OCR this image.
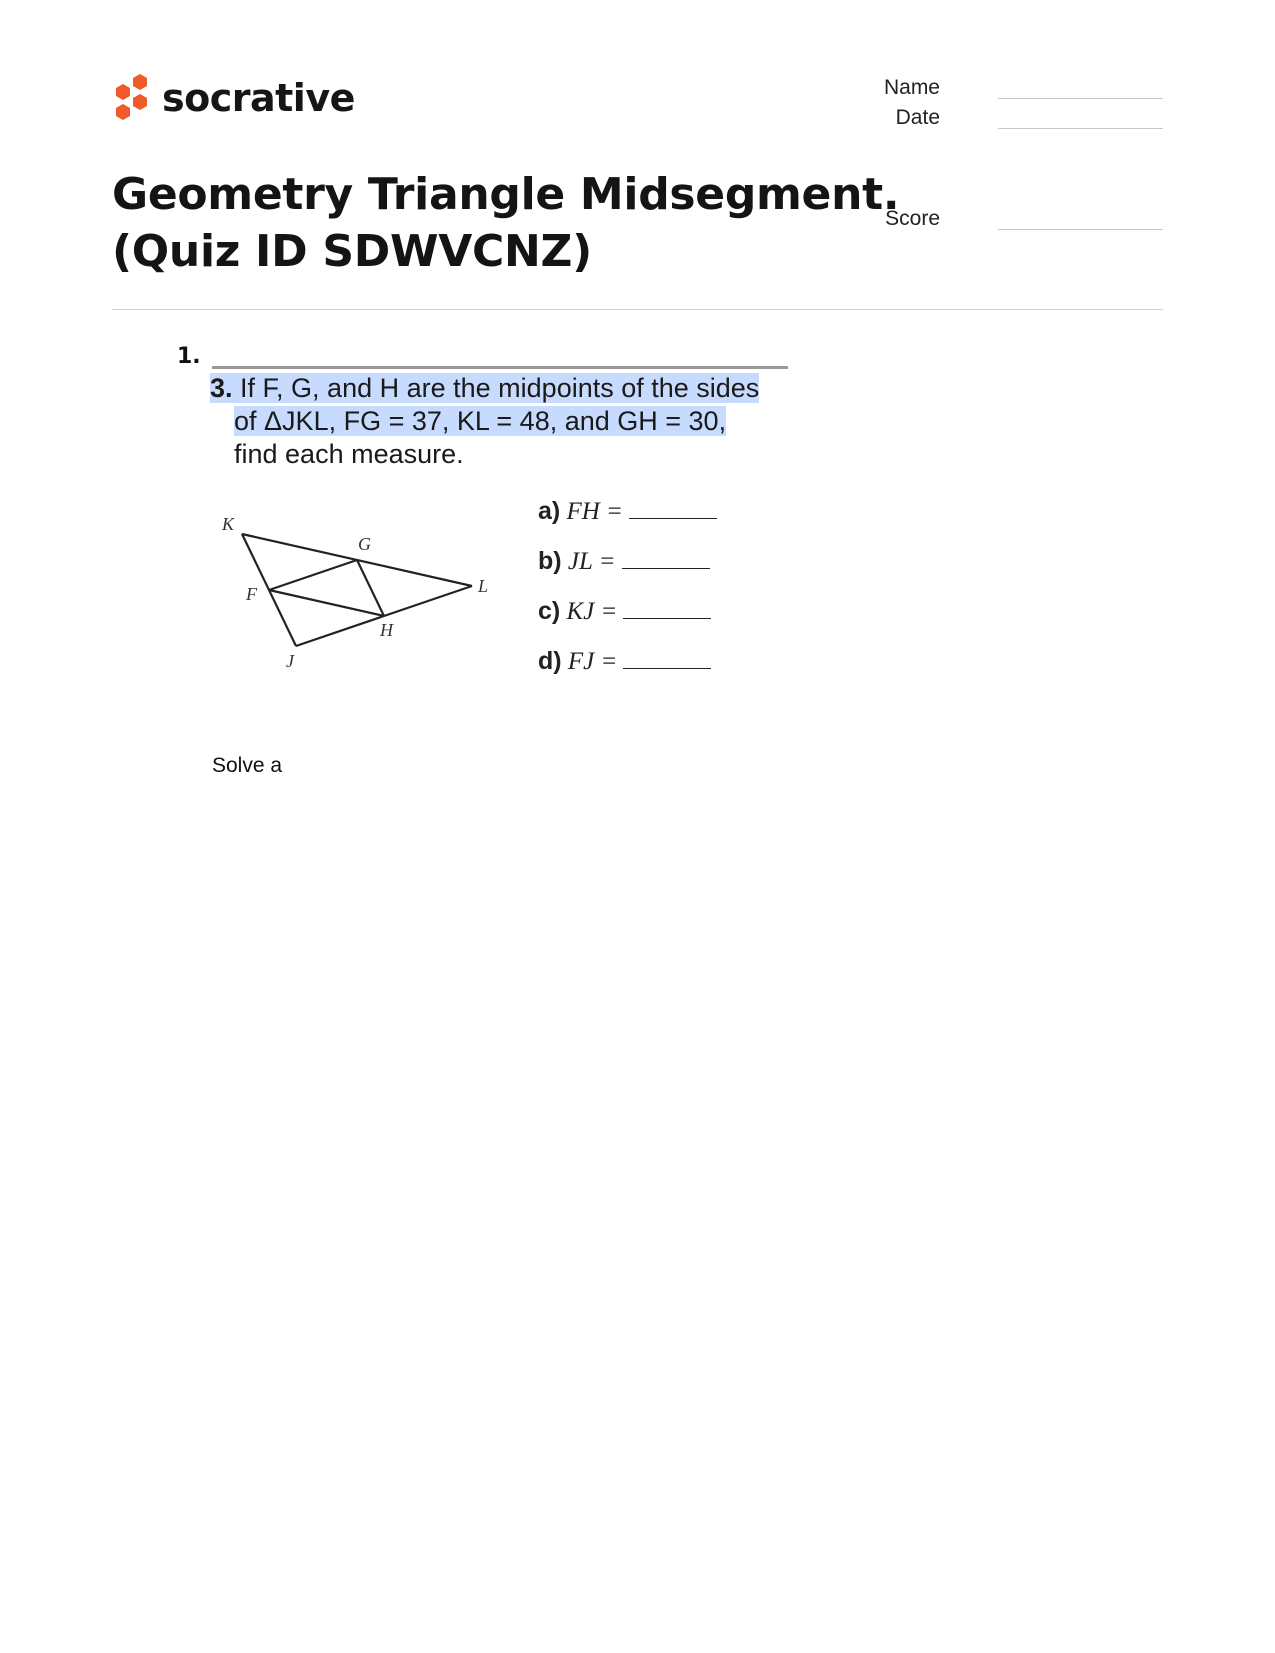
socrative	Name
Date
Score
Geometry Triangle Midsegment.
(Quiz ID SDWVCNZ)
1.
3. If F, G, and H are the midpoints of the sides
of ΔJKL, FG = 37, KL = 48, and GH = 30,
find each measure.
K
G
L
F
H
J
a) FH =
b) JL =
c) KJ =
d) FJ =
Solve a
